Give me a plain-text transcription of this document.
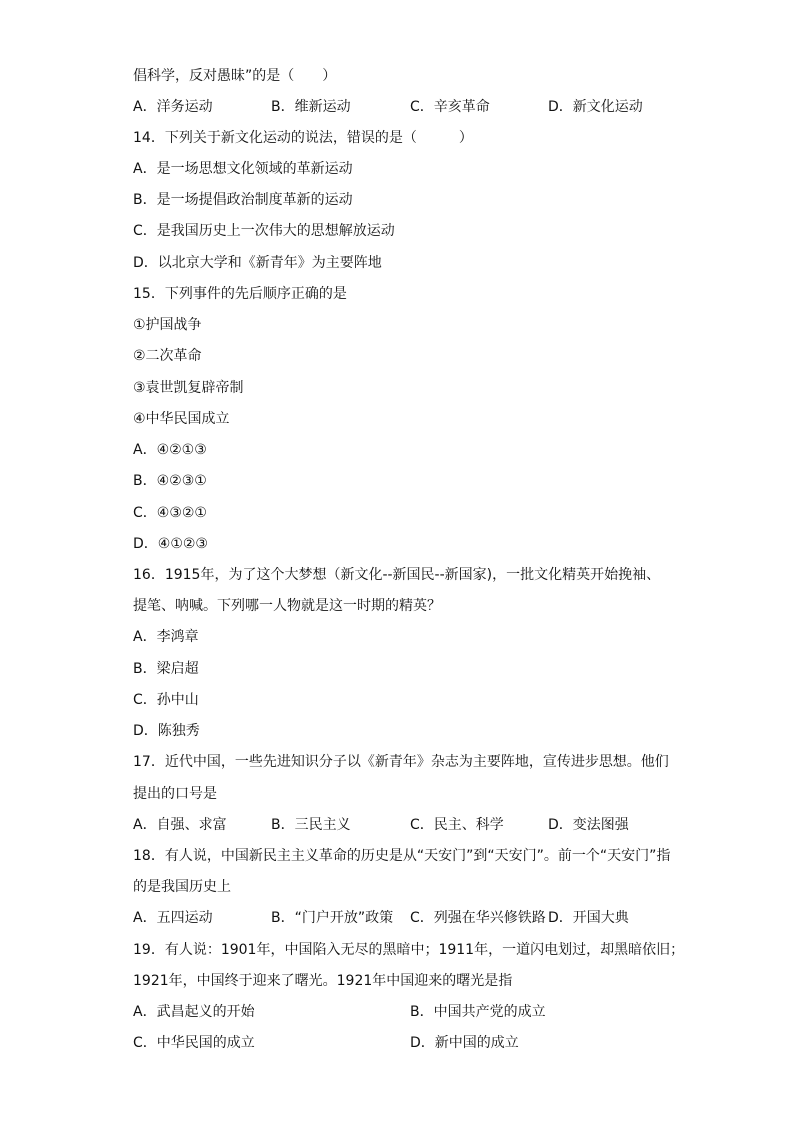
倡科学，反对愚昧”的是（　　）
A．洋务运动	B．维新运动	C．辛亥革命	D．新文化运动
14．下列关于新文化运动的说法，错误的是（　　　）
A．是一场思想文化领域的革新运动
B．是一场提倡政治制度革新的运动
C．是我国历史上一次伟大的思想解放运动
D．以北京大学和《新青年》为主要阵地
15．下列事件的先后顺序正确的是
①护国战争
②二次革命
③袁世凯复辟帝制
④中华民国成立
A．④②①③
B．④②③①
C．④③②①
D．④①②③
16．1915年，为了这个大梦想（新文化--新国民--新国家)，一批文化精英开始挽袖、
提笔、呐喊。下列哪一人物就是这一时期的精英？
A．李鸿章
B．梁启超
C．孙中山
D．陈独秀
17．近代中国，一些先进知识分子以《新青年》杂志为主要阵地，宣传进步思想。他们
提出的口号是
A．自强、求富	B．三民主义	C．民主、科学	D．变法图强
18．有人说，中国新民主主义革命的历史是从“天安门”到“天安门”。前一个“天安门”指
的是我国历史上
A．五四运动	B．“门户开放”政策 C．列强在华兴修铁路 D．开国大典
19．有人说：1901年，中国陷入无尽的黑暗中；1911年，一道闪电划过，却黑暗依旧；
1921年，中国终于迎来了曙光。1921年中国迎来的曙光是指
A．武昌起义的开始	B．中国共产党的成立
C．中华民国的成立	D．新中国的成立
